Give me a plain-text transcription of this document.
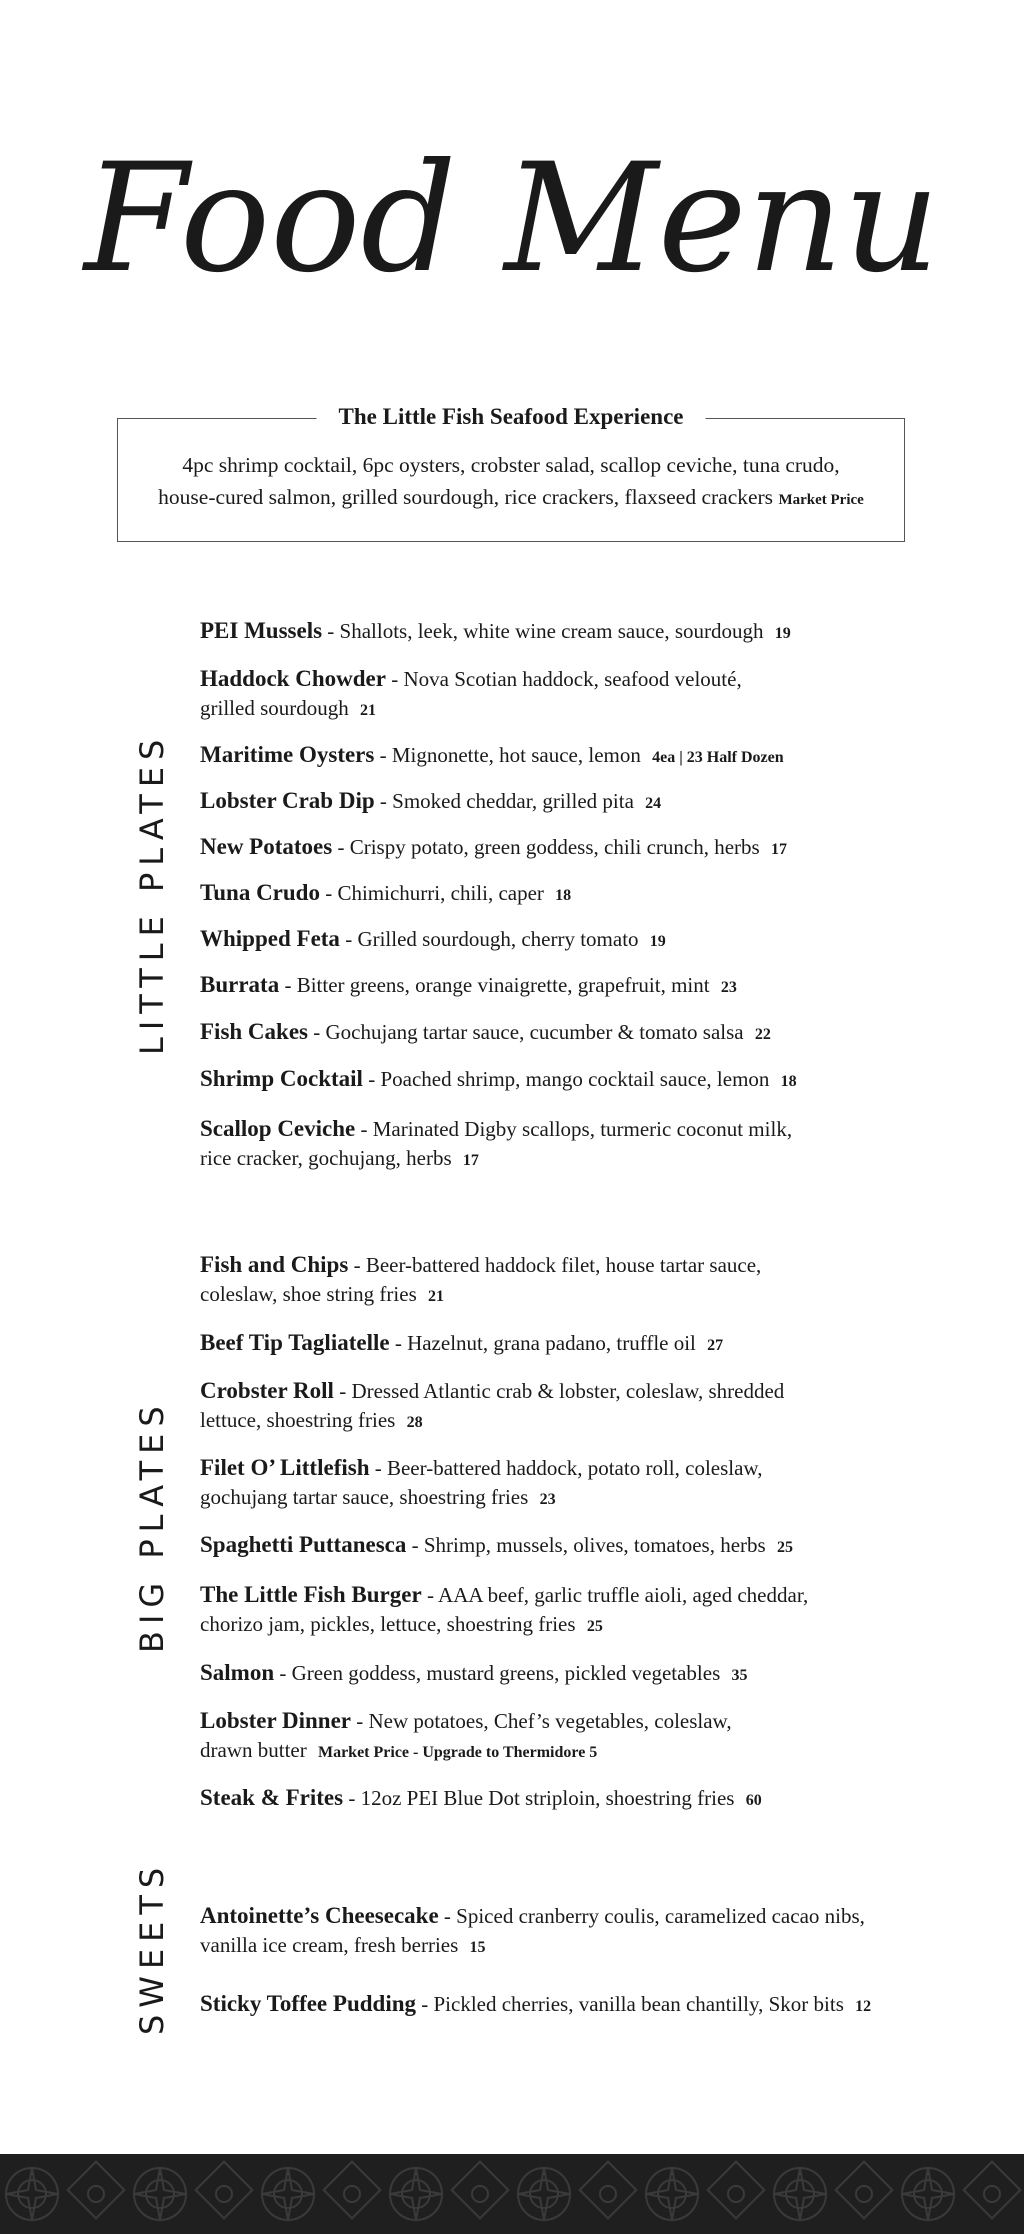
Food Menu
The Little Fish Seafood Experience
4pc shrimp cocktail, 6pc oysters, crobster salad, scallop ceviche, tuna crudo,
house-cured salmon, grilled sourdough, rice crackers, flaxseed crackers Market Price
LITTLE PLATES
BIG PLATES
SWEETS
PEI Mussels - Shallots, leek, white wine cream sauce, sourdough 19
Haddock Chowder - Nova Scotian haddock, seafood velouté,
grilled sourdough 21
Maritime Oysters - Mignonette, hot sauce, lemon 4ea | 23 Half Dozen
Lobster Crab Dip - Smoked cheddar, grilled pita 24
New Potatoes - Crispy potato, green goddess, chili crunch, herbs 17
Tuna Crudo - Chimichurri, chili, caper 18
Whipped Feta - Grilled sourdough, cherry tomato 19
Burrata - Bitter greens, orange vinaigrette, grapefruit, mint 23
Fish Cakes - Gochujang tartar sauce, cucumber & tomato salsa 22
Shrimp Cocktail - Poached shrimp, mango cocktail sauce, lemon 18
Scallop Ceviche - Marinated Digby scallops, turmeric coconut milk,
rice cracker, gochujang, herbs 17
Fish and Chips - Beer-battered haddock filet, house tartar sauce,
coleslaw, shoe string fries 21
Beef Tip Tagliatelle - Hazelnut, grana padano, truffle oil 27
Crobster Roll - Dressed Atlantic crab & lobster, coleslaw, shredded
lettuce, shoestring fries 28
Filet O’ Littlefish - Beer-battered haddock, potato roll, coleslaw,
gochujang tartar sauce, shoestring fries 23
Spaghetti Puttanesca - Shrimp, mussels, olives, tomatoes, herbs 25
The Little Fish Burger - AAA beef, garlic truffle aioli, aged cheddar,
chorizo jam, pickles, lettuce, shoestring fries 25
Salmon - Green goddess, mustard greens, pickled vegetables 35
Lobster Dinner - New potatoes, Chef’s vegetables, coleslaw,
drawn butter Market Price - Upgrade to Thermidore 5
Steak & Frites - 12oz PEI Blue Dot striploin, shoestring fries 60
Antoinette’s Cheesecake - Spiced cranberry coulis, caramelized cacao nibs,
vanilla ice cream, fresh berries 15
Sticky Toffee Pudding - Pickled cherries, vanilla bean chantilly, Skor bits 12
